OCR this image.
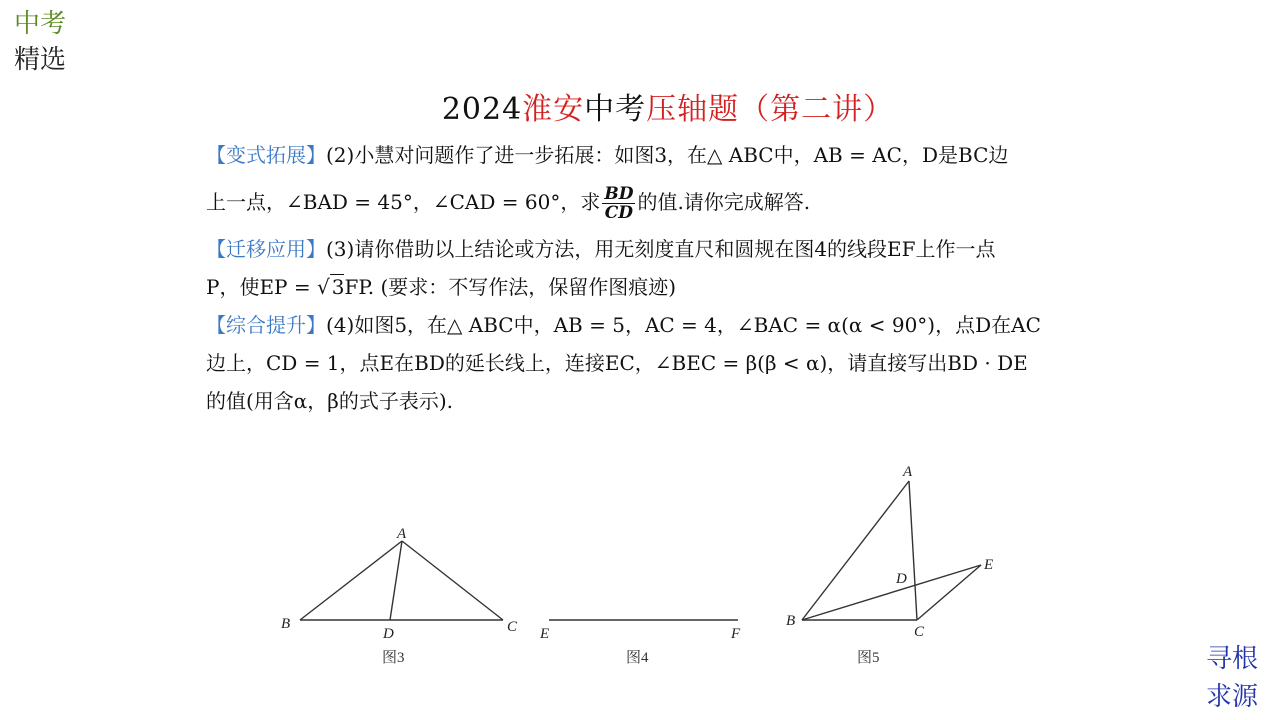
中考
精选
2024淮安中考压轴题（第二讲）
【变式拓展】(2)小慧对问题作了进一步拓展：如图3，在△ ABC中，AB = AC，D是BC边
上一点，∠BAD = 45°，∠CAD = 60°，求 $\frac{BD}{CD}$ 的值.请你完成解答.
【迁移应用】(3)请你借助以上结论或方法，用无刻度直尺和圆规在图4的线段EF上作一点
P，使EP = √ 3FP. (要求：不写作法，保留作图痕迹)
【综合提升】(4)如图5，在△ ABC中，AB = 5，AC = 4，∠BAC = α(α < 90°)，点D在AC
边上，CD = 1，点E在BD的延长线上，连接EC，∠BEC = β(β < α)，请直接写出BD · DE
的值(用含α，β的式子表示).
A
B	C
D
图3
E	F
图4
A
B
C
D
E
图5	寻根
求源
